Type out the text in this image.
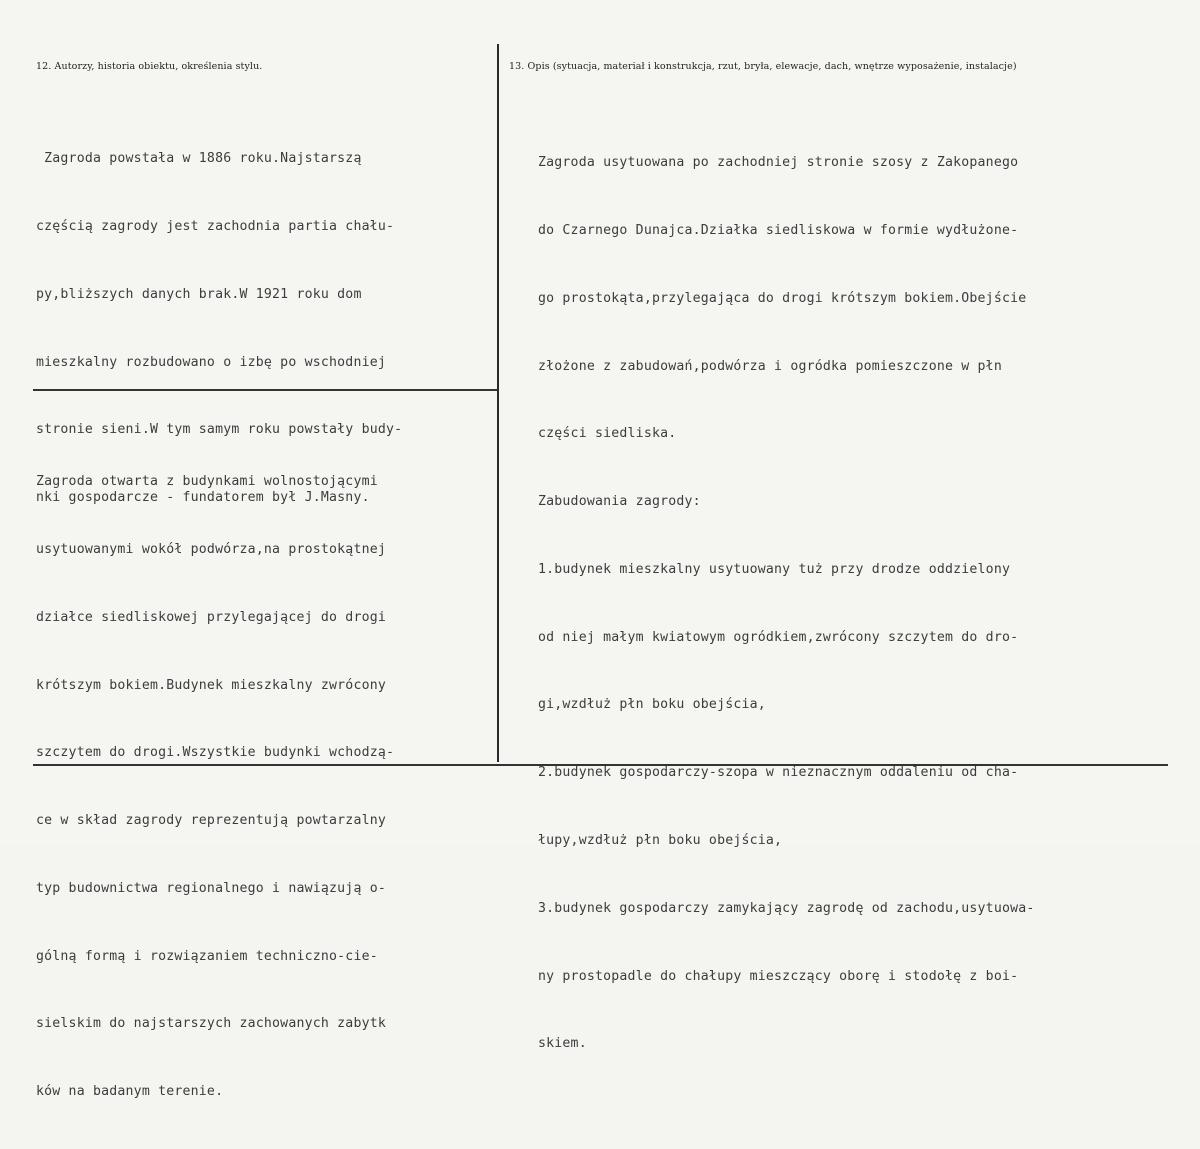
12. Autorzy, historia obiektu, określenia stylu.	13. Opis (sytuacja, materiał i konstrukcja, rzut, bryła, elewacje, dach, wnętrze wyposażenie, instalacje)

Zagroda powstała w 1886 roku.Najstarszą

częścią zagrody jest zachodnia partia chału-

py,bliższych danych brak.W 1921 roku dom

mieszkalny rozbudowano o izbę po wschodniej

stronie sieni.W tym samym roku powstały budy-

nki gospodarcze - fundatorem był J.Masny.

Zagroda otwarta z budynkami wolnostojącymi

usytuowanymi wokół podwórza,na prostokątnej

działce siedliskowej przylegającej do drogi

krótszym bokiem.Budynek mieszkalny zwrócony

szczytem do drogi.Wszystkie budynki wchodzą-

ce w skład zagrody reprezentują powtarzalny

typ budownictwa regionalnego i nawiązują o-

gólną formą i rozwiązaniem techniczno-cie-

sielskim do najstarszych zachowanych zabytk

ków na badanym terenie.

Zagroda usytuowana po zachodniej stronie szosy z Zakopanego

do Czarnego Dunajca.Działka siedliskowa w formie wydłużone-

go prostokąta,przylegająca do drogi krótszym bokiem.Obejście

złożone z zabudowań,podwórza i ogródka pomieszczone w płn

części siedliska.

Zabudowania zagrody:

1.budynek mieszkalny usytuowany tuż przy drodze oddzielony

od niej małym kwiatowym ogródkiem,zwrócony szczytem do dro-

gi,wzdłuż płn boku obejścia,

2.budynek gospodarczy-szopa w nieznacznym oddaleniu od cha-

łupy,wzdłuż płn boku obejścia,

3.budynek gospodarczy zamykający zagrodę od zachodu,usytuowa-

ny prostopadle do chałupy mieszczący oborę i stodołę z boi-

skiem.
